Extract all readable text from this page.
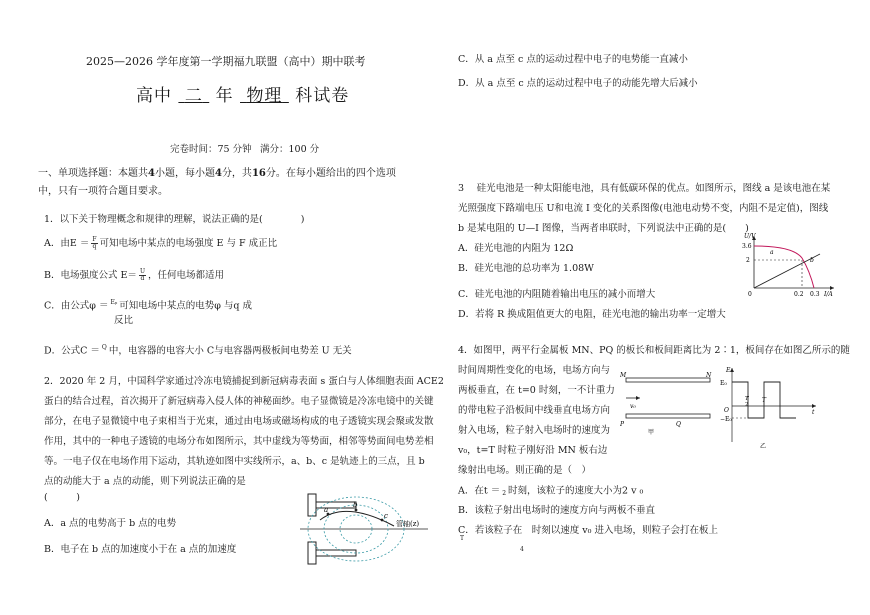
2025—2026 学年度第一学期福九联盟（高中）期中联考
高中 二 年 物理 科试卷
完卷时间：75 分钟 满分：100 分
一、单项选择题：本题共4小题，每小题4分，共16分。在每小题给出的四个选项
中，只有一项符合题目要求。
1．以下关于物理概念和规律的理解，说法正确的是(　　　　)
A．由$E = \frac{F}{q}$ 可知电场中某点的电场强度 E 与 F 成正比
B．电场强度公式 $E= \frac{U}{d}$ ，任何电场都适用
C．由公式φ ＝ Eₚ
可知电场中某点的电势φ 与q 成
反比
D．公式C ＝ Q
中，电容器的电容大小 C与电容器两极板间电势差 U 无关
2．2020 年 2 月，中国科学家通过冷冻电镜捕捉到新冠病毒表面 s 蛋白与人体细胞表面 ACE2
蛋白的结合过程，首次揭开了新冠病毒入侵人体的神秘面纱。电子显微镜是冷冻电镜中的关键
部分，在电子显微镜中电子束相当于光束，通过由电场或磁场构成的电子透镜实现会聚或发散
作用，其中的一种电子透镜的电场分布如图所示，其中虚线为等势面，相邻等势面间电势差相
等。一电子仅在电场作用下运动，其轨迹如图中实线所示，a、b、c 是轨迹上的三点，且 b
点的动能大于 a 点的动能，则下列说法正确的是
(　　　)
A．a 点的电势高于 b 点的电势
B．电子在 b 点的加速度小于在 a 点的加速度
a
b
c
管轴(z)
C．从 a 点至 c 点的运动过程中电子的电势能一直减小
D．从 a 点至 c 点的运动过程中电子的动能先增大后减小
3　 硅光电池是一种太阳能电池，具有低碳环保的优点。如图所示，图线 a 是该电池在某
光照强度下路端电压 U和电流 I 变化的关系图像(电池电动势不变，内阻不是定值)，图线
b 是某电阻的 U—I 图像，当两者串联时，下列说法中正确的是(　　)
A．硅光电池的内阻为 12Ω
B．硅光电池的总功率为 1.08W
C．硅光电池的内阻随着输出电压的减小而增大
D．若将 R 换成阻值更大的电阻，硅光电池的输出功率一定增大
U/V
3.6
2
0	0.2 0.3 I/A
a
b
4．如图甲，两平行金属板 MN、PQ 的板长和板间距离比为 2∶1，板间存在如图乙所示的随
时间周期性变化的电场，电场方向与
两板垂直，在 t=0 时刻，一不计重力
的带电粒子沿板间中线垂直电场方向
射入电场，粒子射入电场时的速度为
v₀，t=T 时粒子刚好沿 MN 板右边
缘射出电场。则正确的是（　）
A．在t ＝
2 时刻，该粒子的速度大小为2 v ₀
B．该粒子射出电场时的速度方向与两板不垂直
C．若该粒子在　时刻以速度 v₀ 进入电场，则粒子会打在板上
T
4
M	N
P	Q
v₀
甲
E
E₀
−E₀
O	t
T
2
T
乙
